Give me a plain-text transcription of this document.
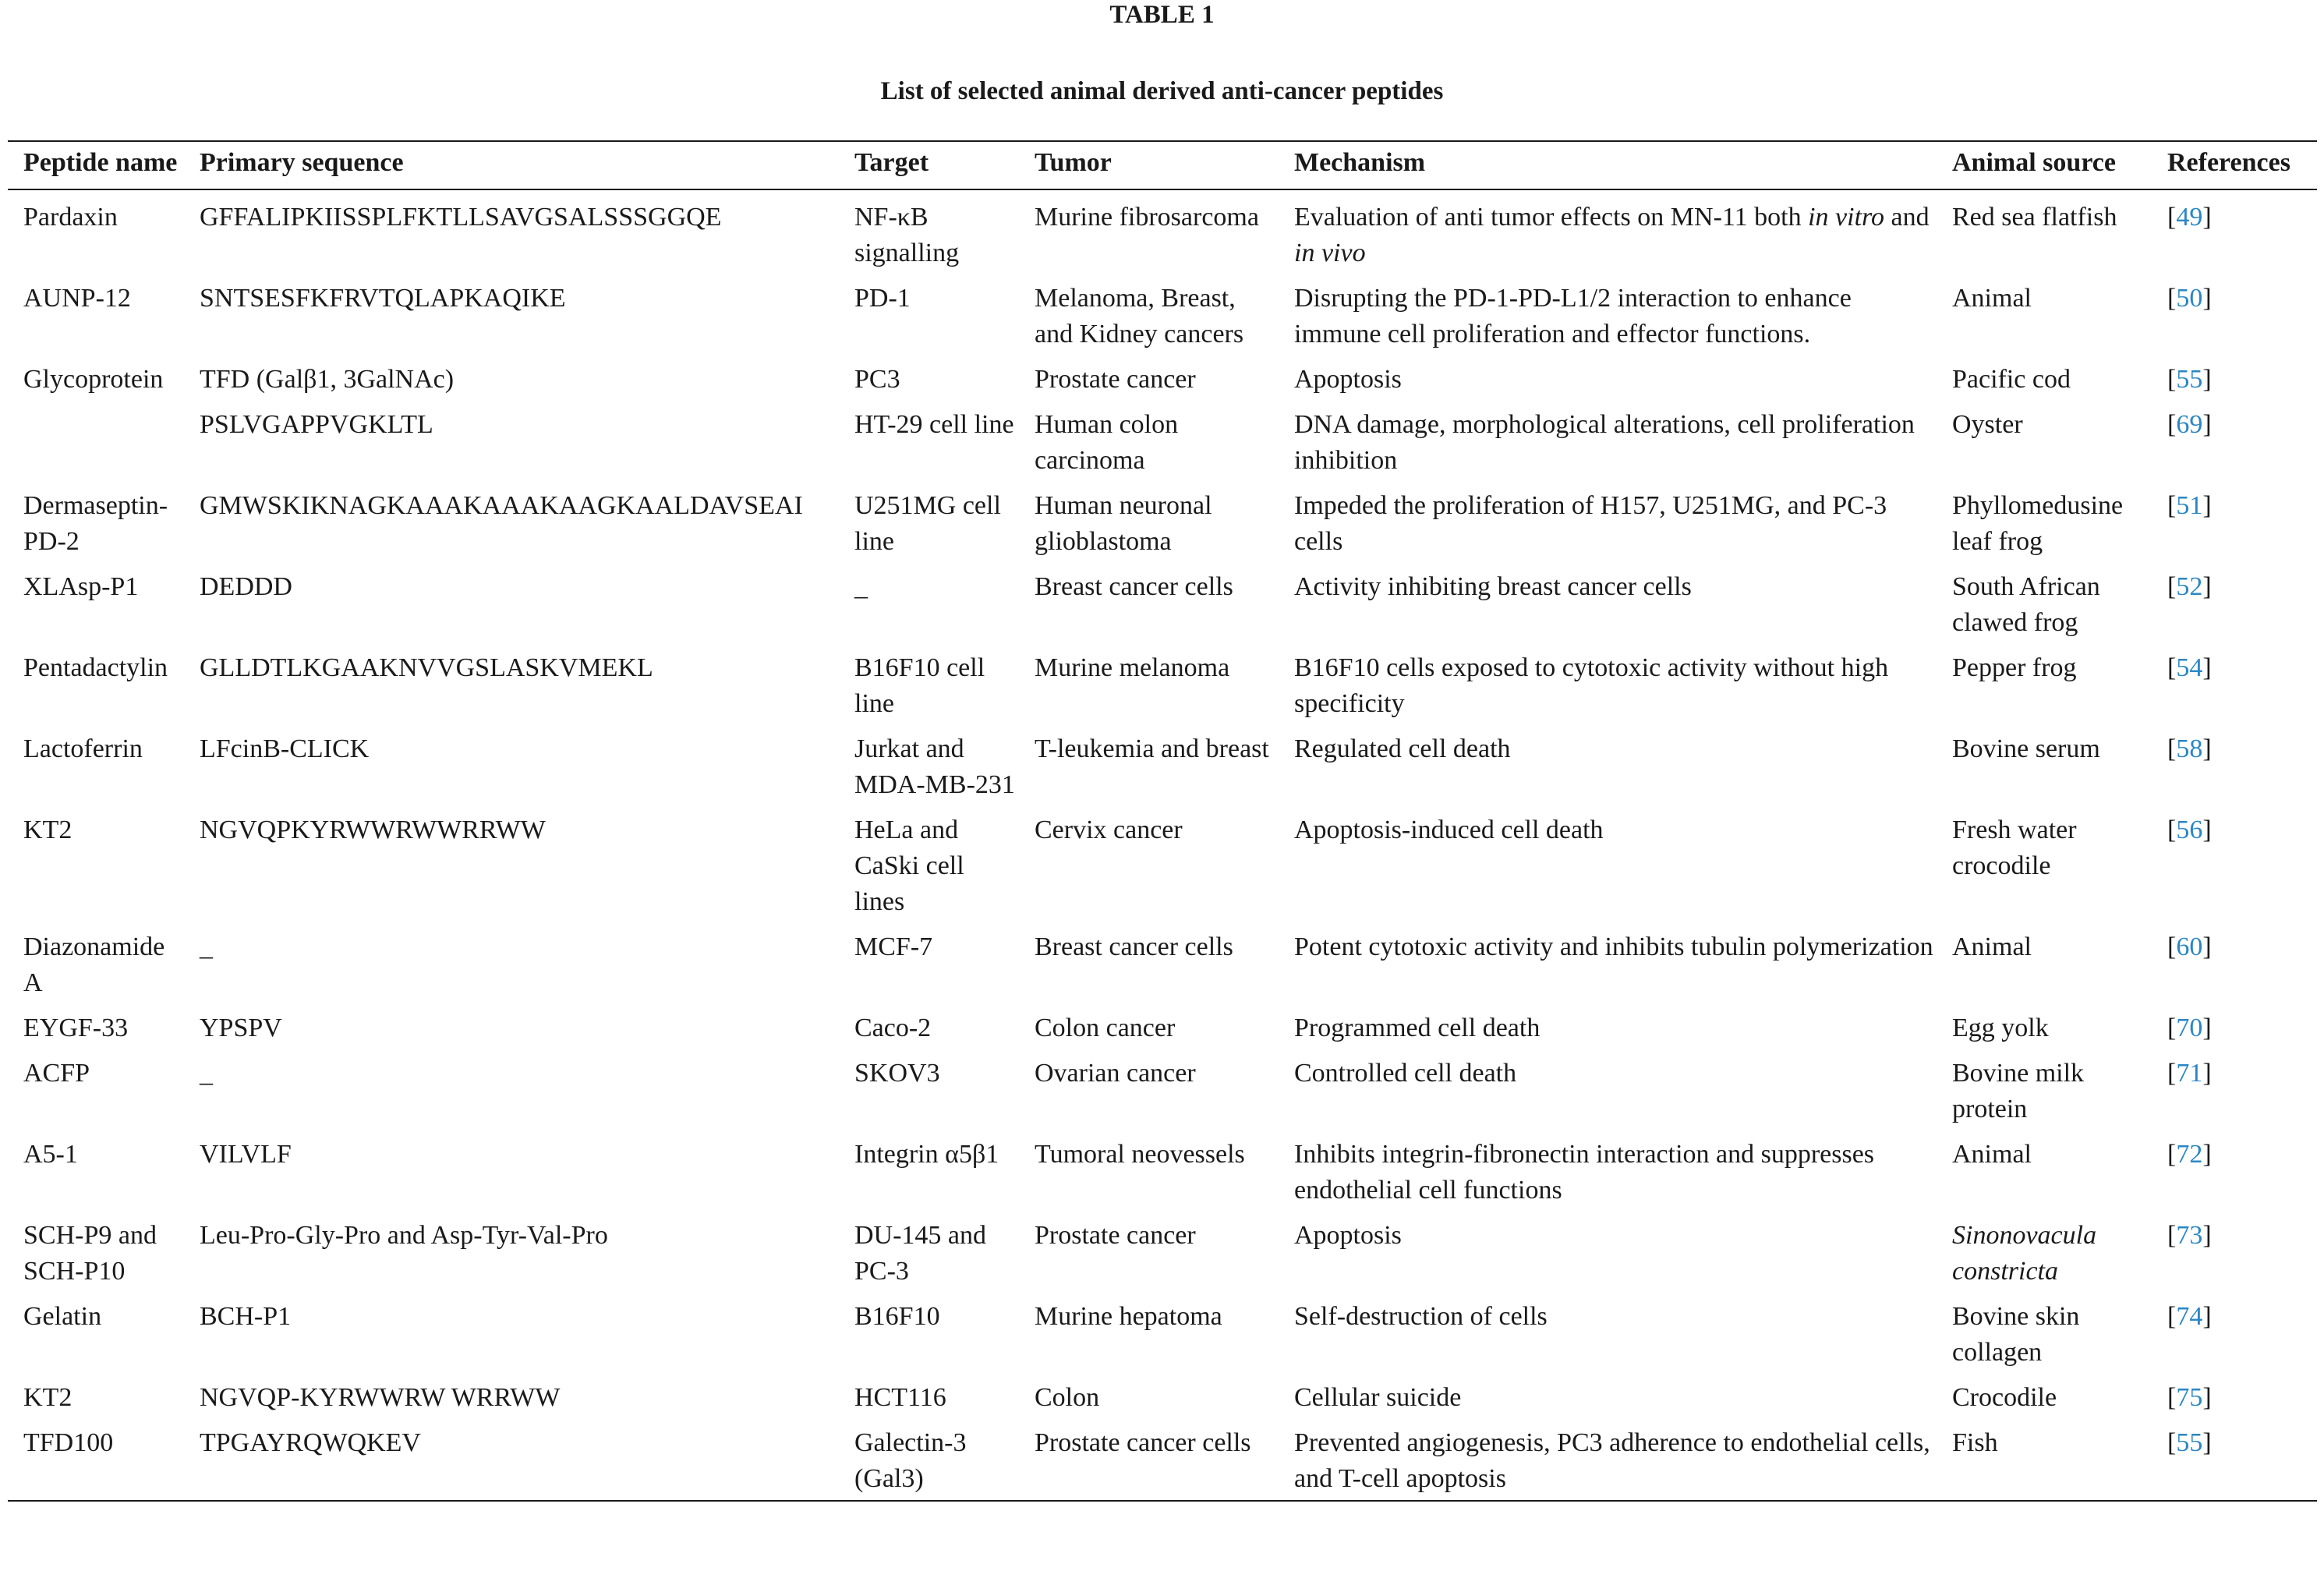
TABLE 1
List of selected animal derived anti-cancer peptides
Peptide name	Primary sequence	Target	Tumor	Mechanism	Animal source	References
Pardaxin	GFFALIPKIISSPLFKTLLSAVGSALSSSGGQE	NF-κB signalling	Murine fibrosarcoma	Evaluation of anti tumor effects on MN-11 both in vitro and in vivo	Red sea flatfish	[49]
AUNP-12	SNTSESFKFRVTQLAPKAQIKE	PD-1	Melanoma, Breast, and Kidney cancers	Disrupting the PD-1-PD-L1/2 interaction to enhance immune cell proliferation and effector functions.	Animal	[50]
Glycoprotein	TFD (Galβ1, 3GalNAc)	PC3	Prostate cancer	Apoptosis	Pacific cod	[55]
	PSLVGAPPVGKLTL	HT-29 cell line	Human colon carcinoma	DNA damage, morphological alterations, cell proliferation inhibition	Oyster	[69]
Dermaseptin-PD-2	GMWSKIKNAGKAAAKAAAKAAGKAALDAVSEAI	U251MG cell line	Human neuronal glioblastoma	Impeded the proliferation of H157, U251MG, and PC-3 cells	Phyllomedusine leaf frog	[51]
XLAsp-P1	DEDDD	_	Breast cancer cells	Activity inhibiting breast cancer cells	South African clawed frog	[52]
Pentadactylin	GLLDTLKGAAKNVVGSLASKVMEKL	B16F10 cell line	Murine melanoma	B16F10 cells exposed to cytotoxic activity without high specificity	Pepper frog	[54]
Lactoferrin	LFcinB-CLICK	Jurkat and MDA-MB-231	T-leukemia and breast	Regulated cell death	Bovine serum	[58]
KT2	NGVQPKYRWWRWWRRWW	HeLa and CaSki cell lines	Cervix cancer	Apoptosis-induced cell death	Fresh water crocodile	[56]
Diazonamide A	_	MCF-7	Breast cancer cells	Potent cytotoxic activity and inhibits tubulin polymerization	Animal	[60]
EYGF-33	YPSPV	Caco-2	Colon cancer	Programmed cell death	Egg yolk	[70]
ACFP	_	SKOV3	Ovarian cancer	Controlled cell death	Bovine milk protein	[71]
A5-1	VILVLF	Integrin α5β1	Tumoral neovessels	Inhibits integrin-fibronectin interaction and suppresses endothelial cell functions	Animal	[72]
SCH-P9 and SCH-P10	Leu-Pro-Gly-Pro and Asp-Tyr-Val-Pro	DU-145 and PC-3	Prostate cancer	Apoptosis	Sinonovacula constricta	[73]
Gelatin	BCH-P1	B16F10	Murine hepatoma	Self-destruction of cells	Bovine skin collagen	[74]
KT2	NGVQP-KYRWWRW WRRWW	HCT116	Colon	Cellular suicide	Crocodile	[75]
TFD100	TPGAYRQWQKEV	Galectin-3 (Gal3)	Prostate cancer cells	Prevented angiogenesis, PC3 adherence to endothelial cells, and T-cell apoptosis	Fish	[55]
